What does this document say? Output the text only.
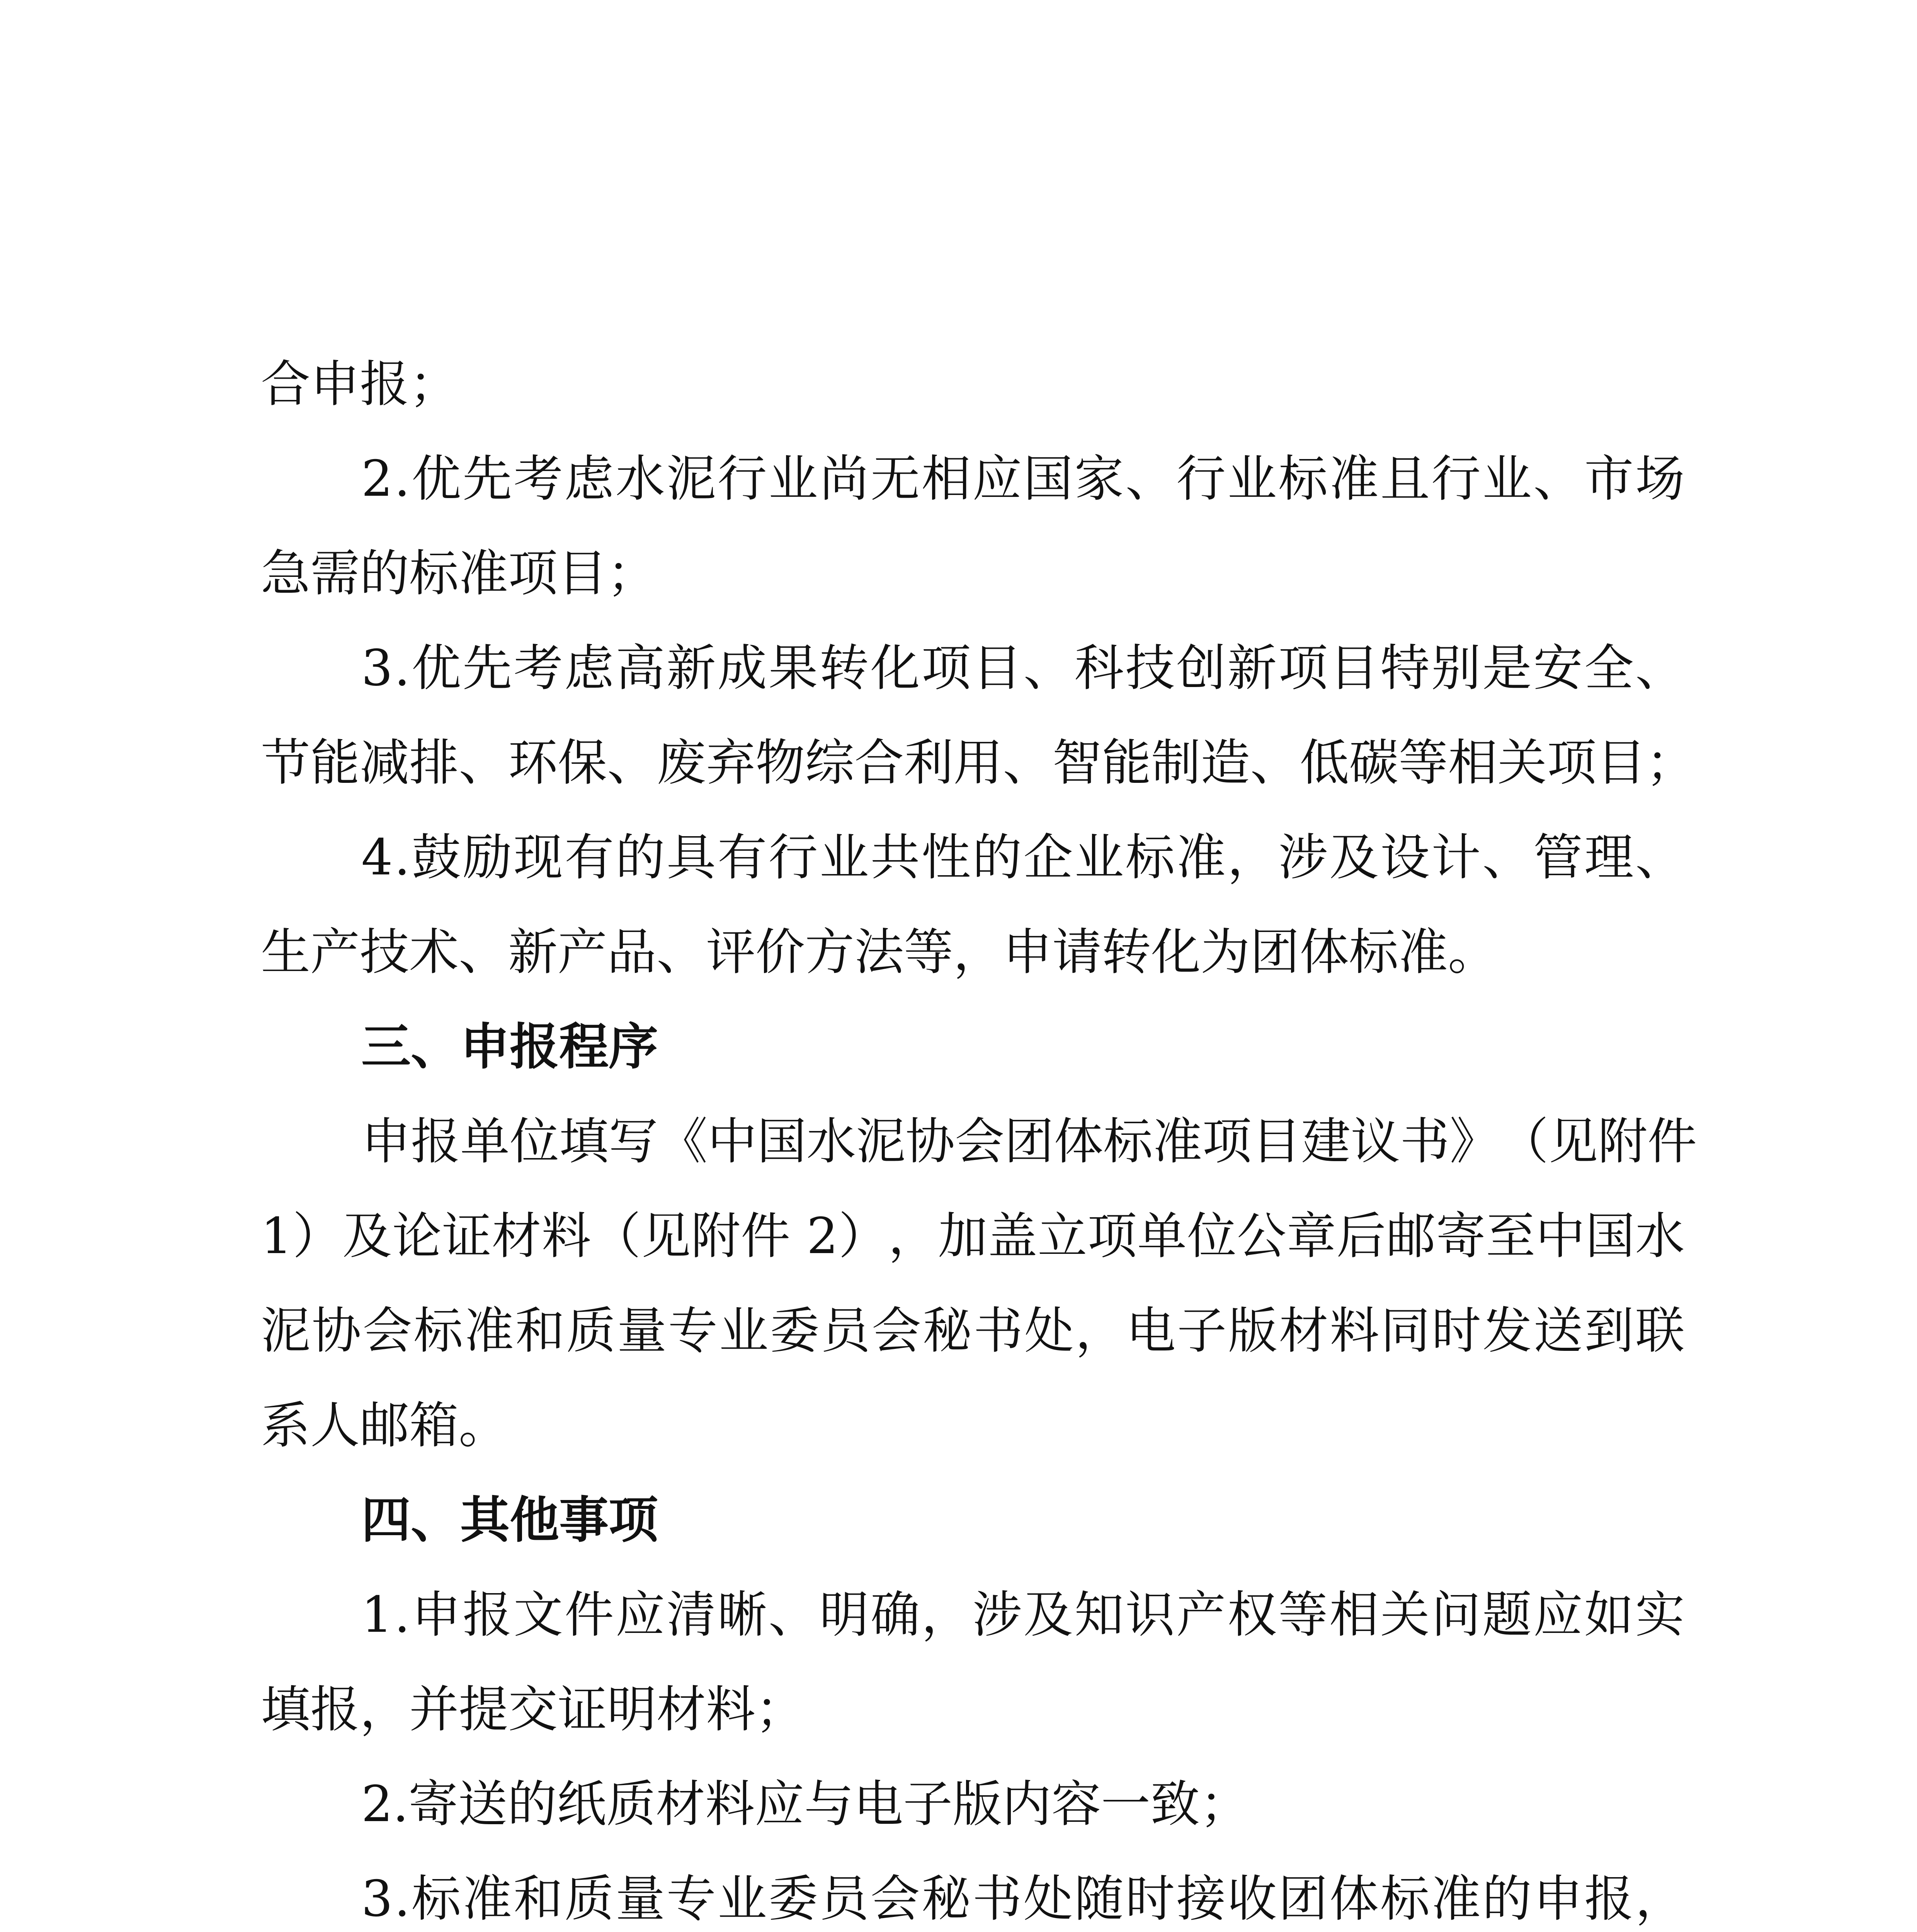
合申报；
2 . 优 先 考 虑 水 泥 行 业 尚 无 相 应 国 家 、 行 业 标 准 且 行 业 、 市 场
急需的标准项目；
3 . 优 先 考 虑 高 新 成 果 转 化 项 目 、 科 技 创 新 项 目 特 别 是 安 全 、
节 能 减 排 、 环 保 、 废 弃 物 综 合 利 用 、 智 能 制 造 、 低 碳 等 相 关 项 目 ；
4 . 鼓 励 现 有 的 具 有 行 业 共 性 的 企 业 标 准 ， 涉 及 设 计 、 管 理 、
生产技术、新产品、评价方法等，申请转化为团体标准。
三、申报程序
申 报 单 位 填 写 《 中 国 水 泥 协 会 团 体 标 准 项 目 建 议 书 》 （ 见 附 件
1 ） 及 论 证 材 料 （ 见 附 件
2 ） ， 加 盖 立 项 单 位 公 章 后 邮 寄 至 中 国 水
泥 协 会 标 准 和 质 量 专 业 委 员 会 秘 书 处 ， 电 子 版 材 料 同 时 发 送 到 联
系人邮箱。
四、其他事项
1 . 申 报 文 件 应 清 晰 、 明 确 ， 涉 及 知 识 产 权 等 相 关 问 题 应 如 实
填报，并提交证明材料；
2.寄送的纸质材料应与电子版内容一致；
3 . 标 准 和 质 量 专 业 委 员 会 秘 书 处 随 时 接 收 团 体 标 准 的 申 报 ，
